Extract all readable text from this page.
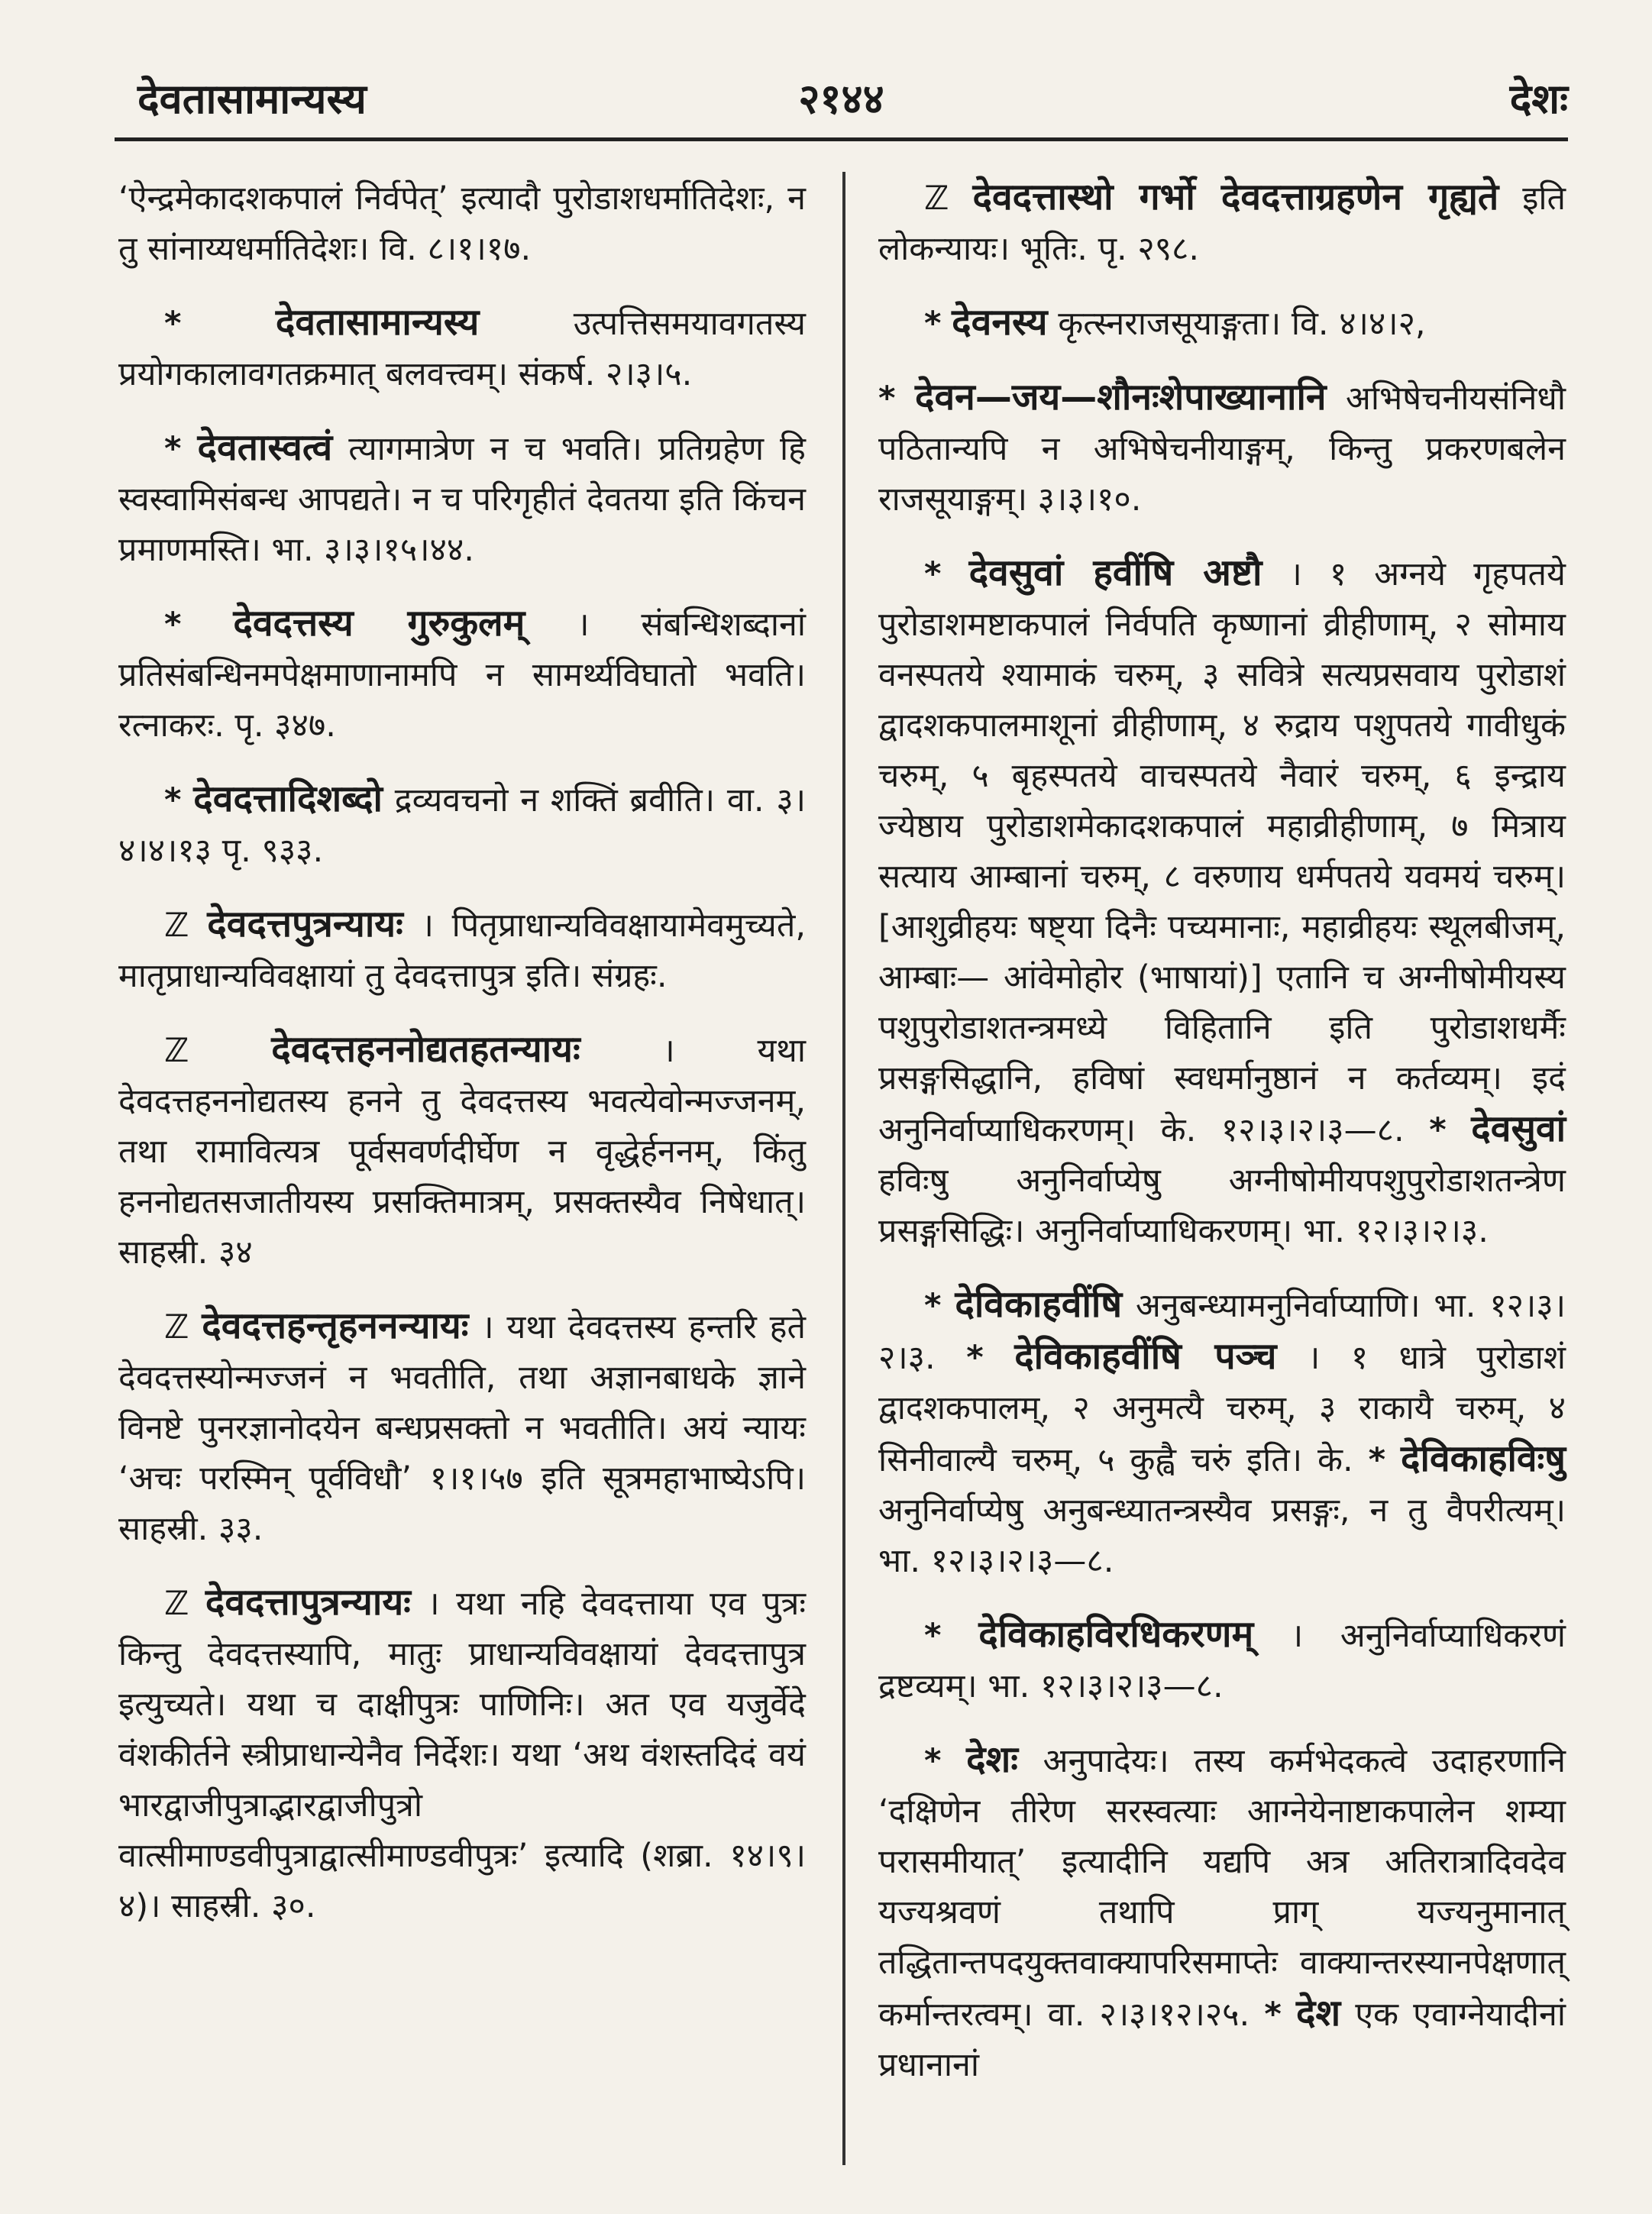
देवतासामान्यस्य	२१४४	देशः

‘ऐन्द्रमेकादशकपालं निर्वपेत्’ इत्यादौ पुरोडाशधर्मातिदेशः, न तु सांनाय्यधर्मातिदेशः। वि. ८।१।१७.

*	देवतासामान्यस्य	उत्पत्तिसमयावगतस्य प्रयोगकालावगतक्रमात् बलवत्त्वम्। संकर्ष. २।३।५.

* देवतास्वत्वं त्यागमात्रेण न च भवति। प्रतिग्रहेण हि स्वस्वामिसंबन्ध आपद्यते। न च परिगृहीतं देवतया इति किंचन प्रमाणमस्ति। भा. ३।३।१५।४४.

* देवदत्तस्य गुरुकुलम् । संबन्धिशब्दानां प्रतिसंबन्धिनमपेक्षमाणानामपि न सामर्थ्यविघातो भवति। रत्नाकरः. पृ. ३४७.

* देवदत्तादिशब्दो द्रव्यवचनो न शक्तिं ब्रवीति। वा. ३।४।४।१३ पृ. ९३३.

ℤ देवदत्तपुत्रन्यायः । पितृप्राधान्यविवक्षायामेवमुच्यते, मातृप्राधान्यविवक्षायां तु देवदत्तापुत्र इति। संग्रहः.

ℤ देवदत्तहननोद्यतहतन्यायः	। यथा देवदत्तहननोद्यतस्य हनने तु देवदत्तस्य भवत्येवोन्मज्जनम्, तथा रामावित्यत्र पूर्वसवर्णदीर्घेण न वृद्धेर्हननम्, किंतु हननोद्यतसजातीयस्य प्रसक्तिमात्रम्, प्रसक्तस्यैव निषेधात्। साहस्री. ३४

ℤ देवदत्तहन्तृहननन्यायः । यथा देवदत्तस्य हन्तरि हते देवदत्तस्योन्मज्जनं न भवतीति, तथा अज्ञानबाधके ज्ञाने विनष्टे पुनरज्ञानोदयेन बन्धप्रसक्तो न भवतीति। अयं न्यायः ‘अचः परस्मिन् पूर्वविधौ’ १।१।५७ इति सूत्रमहाभाष्येऽपि। साहस्री. ३३.

ℤ देवदत्तापुत्रन्यायः । यथा नहि देवदत्ताया एव पुत्रः किन्तु देवदत्तस्यापि, मातुः प्राधान्यविवक्षायां देवदत्तापुत्र इत्युच्यते। यथा च दाक्षीपुत्रः पाणिनिः। अत एव यजुर्वेदे वंशकीर्तने स्त्रीप्राधान्येनैव निर्देशः। यथा ‘अथ वंशस्तदिदं वयं भारद्वाजीपुत्राद्भारद्वाजीपुत्रो वात्सीमाण्डवीपुत्राद्वात्सीमाण्डवीपुत्रः’ इत्यादि (शब्रा. १४।९।४)। साहस्री. ३०.

ℤ देवदत्तास्थो गर्भो देवदत्ताग्रहणेन गृह्यते इति लोकन्यायः। भूतिः. पृ. २९८.

* देवनस्य कृत्स्नराजसूयाङ्गता। वि. ४।४।२,

* देवन—जय—शौनःशेपाख्यानानि अभिषेचनीयसंनिधौ पठितान्यपि न अभिषेचनीयाङ्गम्, किन्तु प्रकरणबलेन राजसूयाङ्गम्। ३।३।१०.

* देवसुवां हवींषि अष्टौ । १ अग्नये गृहपतये पुरोडाशमष्टाकपालं निर्वपति कृष्णानां व्रीहीणाम्, २ सोमाय वनस्पतये श्यामाकं चरुम्, ३ सवित्रे सत्यप्रसवाय पुरोडाशं द्वादशकपालमाशूनां व्रीहीणाम्, ४ रुद्राय पशुपतये गावीधुकं चरुम्, ५ बृहस्पतये वाचस्पतये नैवारं चरुम्, ६ इन्द्राय ज्येष्ठाय पुरोडाशमेकादशकपालं महाव्रीहीणाम्, ७ मित्राय सत्याय आम्बानां चरुम्, ८ वरुणाय धर्मपतये यवमयं चरुम्। [आशुव्रीहयः षष्ट्या दिनैः पच्यमानाः, महाव्रीहयः स्थूलबीजम्, आम्बाः— आंवेमोहोर (भाषायां)] एतानि च अग्नीषोमीयस्य पशुपुरोडाशतन्त्रमध्ये विहितानि इति पुरोडाशधर्मैः प्रसङ्गसिद्धानि, हविषां स्वधर्मानुष्ठानं न कर्तव्यम्। इदं अनुनिर्वाप्याधिकरणम्। के. १२।३।२।३—८. * देवसुवां हविःषु अनुनिर्वाप्येषु अग्नीषोमीयपशुपुरोडाशतन्त्रेण प्रसङ्गसिद्धिः। अनुनिर्वाप्याधिकरणम्। भा. १२।३।२।३.

* देविकाहवींषि अनुबन्ध्यामनुनिर्वाप्याणि। भा. १२।३।२।३. * देविकाहवींषि पञ्च । १ धात्रे पुरोडाशं द्वादशकपालम्, २ अनुमत्यै चरुम्, ३ राकायै चरुम्, ४ सिनीवाल्यै चरुम्, ५ कुह्वै चरुं इति। के. * देविकाहविःषु अनुनिर्वाप्येषु अनुबन्ध्यातन्त्रस्यैव प्रसङ्गः, न तु वैपरीत्यम्। भा. १२।३।२।३—८.

* देविकाहविरधिकरणम् । अनुनिर्वाप्याधिकरणं द्रष्टव्यम्। भा. १२।३।२।३—८.

* देशः अनुपादेयः। तस्य कर्मभेदकत्वे उदाहरणानि ‘दक्षिणेन तीरेण सरस्वत्याः आग्नेयेनाष्टाकपालेन शम्या परासमीयात्’ इत्यादीनि यद्यपि अत्र अतिरात्रादिवदेव यज्यश्रवणं तथापि प्राग् यज्यनुमानात् तद्धितान्तपदयुक्तवाक्यापरिसमाप्तेः वाक्यान्तरस्यानपेक्षणात् कर्मान्तरत्वम्। वा. २।३।१२।२५. * देश एक एवाग्नेयादीनां प्रधानानां
